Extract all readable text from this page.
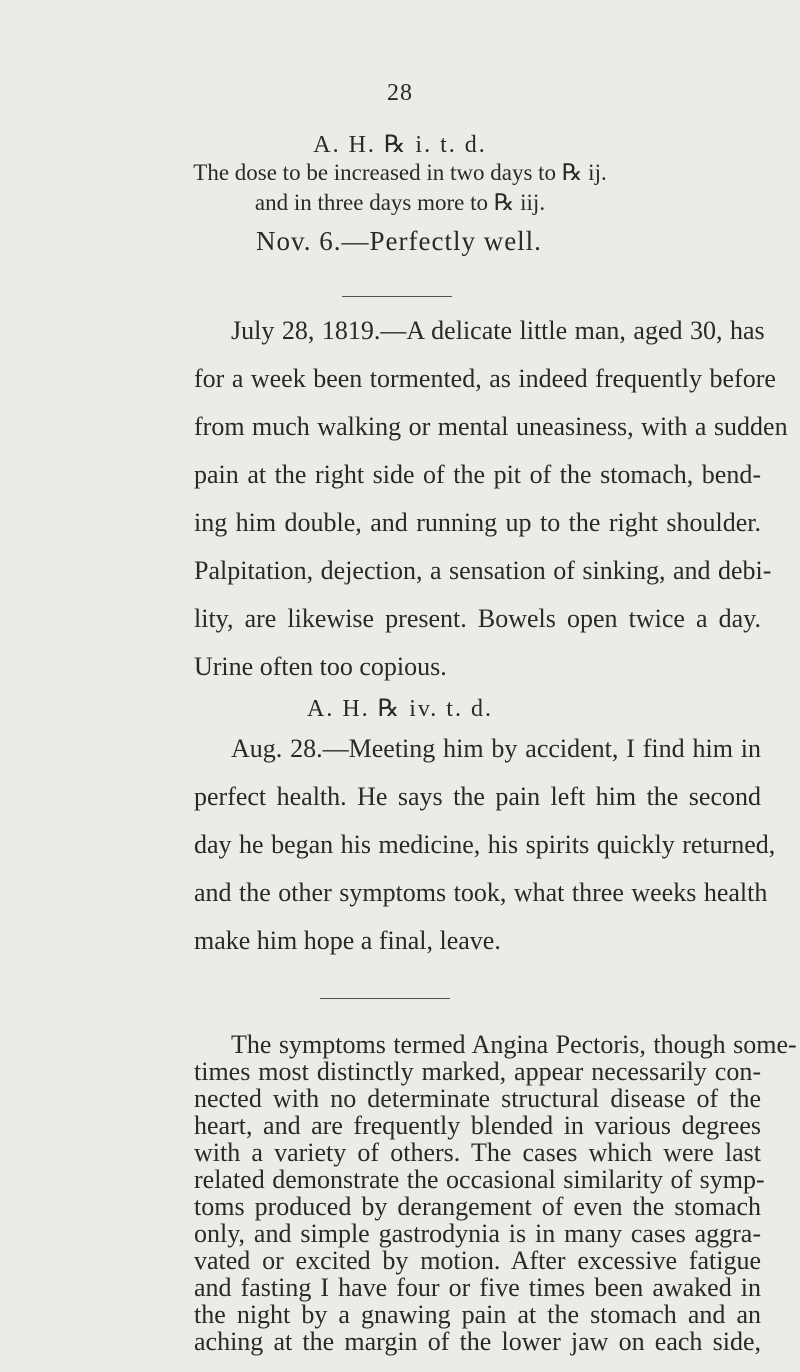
28
A. H. ℞ i. t. d.
The dose to be increased in two days to ℞ ij.
and in three days more to ℞ iij.
Nov. 6.—Perfectly well.
July 28, 1819.—A delicate little man, aged 30, has
for a week been tormented, as indeed frequently before
from much walking or mental uneasiness, with a sudden
pain at the right side of the pit of the stomach, bend-
ing him double, and running up to the right shoulder.
Palpitation, dejection, a sensation of sinking, and debi-
lity, are likewise present. Bowels open twice a day.
Urine often too copious.
A. H. ℞ iv. t. d.
Aug. 28.—Meeting him by accident, I find him in
perfect health. He says the pain left him the second
day he began his medicine, his spirits quickly returned,
and the other symptoms took, what three weeks health
make him hope a final, leave.
The symptoms termed Angina Pectoris, though some-
times most distinctly marked, appear necessarily con-
nected with no determinate structural disease of the
heart, and are frequently blended in various degrees
with a variety of others. The cases which were last
related demonstrate the occasional similarity of symp-
toms produced by derangement of even the stomach
only, and simple gastrodynia is in many cases aggra-
vated or excited by motion. After excessive fatigue
and fasting I have four or five times been awaked in
the night by a gnawing pain at the stomach and an
aching at the margin of the lower jaw on each side,
